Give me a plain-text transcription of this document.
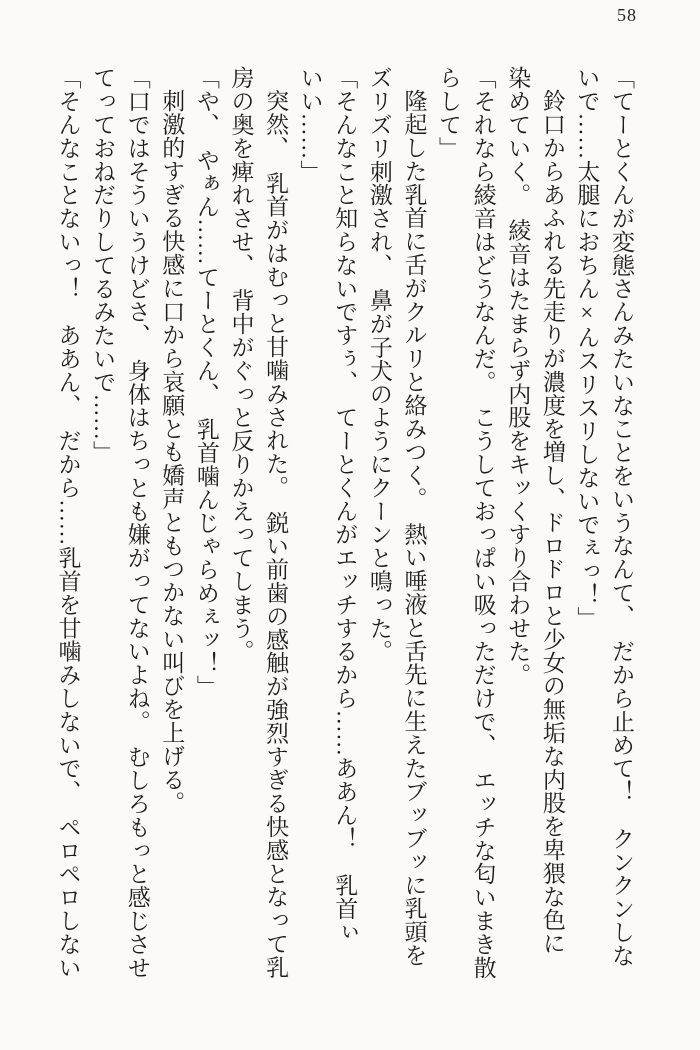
58

「てーとくんが変態さんみたいなことをいうなんて、　だから止めて！　クンクンしな

いで……太腿におちん×んスリスリしないでぇっ！」

鈴口からあふれる先走りが濃度を増し、ドロドロと少女の無垢な内股を卑猥な色に

染めていく。　綾音はたまらず内股をキッくすり合わせた。

「それなら綾音はどうなんだ。　こうしておっぱい吸っただけで、　エッチな匂いまき散

らして」

隆起した乳首に舌がクルリと絡みつく。　熱い唾液と舌先に生えたブッブッに乳頭を

ズリズリ刺激され、　鼻が子犬のようにクーンと鳴った。

「そんなこと知らないですぅ、　てーとくんがエッチするから……ああん！　乳首ぃ

いい……」

突然、　乳首がはむっと甘噛みされた。　鋭い前歯の感触が強烈すぎる快感となって乳

房の奥を痺れさせ、　背中がぐっと反りかえってしまう。

「や、　やぁん……てーとくん、　乳首噛んじゃらめぇッ！」

刺激的すぎる快感に口から哀願とも嬌声ともつかない叫びを上げる。

「口ではそういうけどさ、　身体はちっとも嫌がってないよね。　むしろもっと感じさせ

てっておねだりしてるみたいで……」

「そんなことないっ！　ああん、　だから……乳首を甘噛みしないで、　ペロペロしない
